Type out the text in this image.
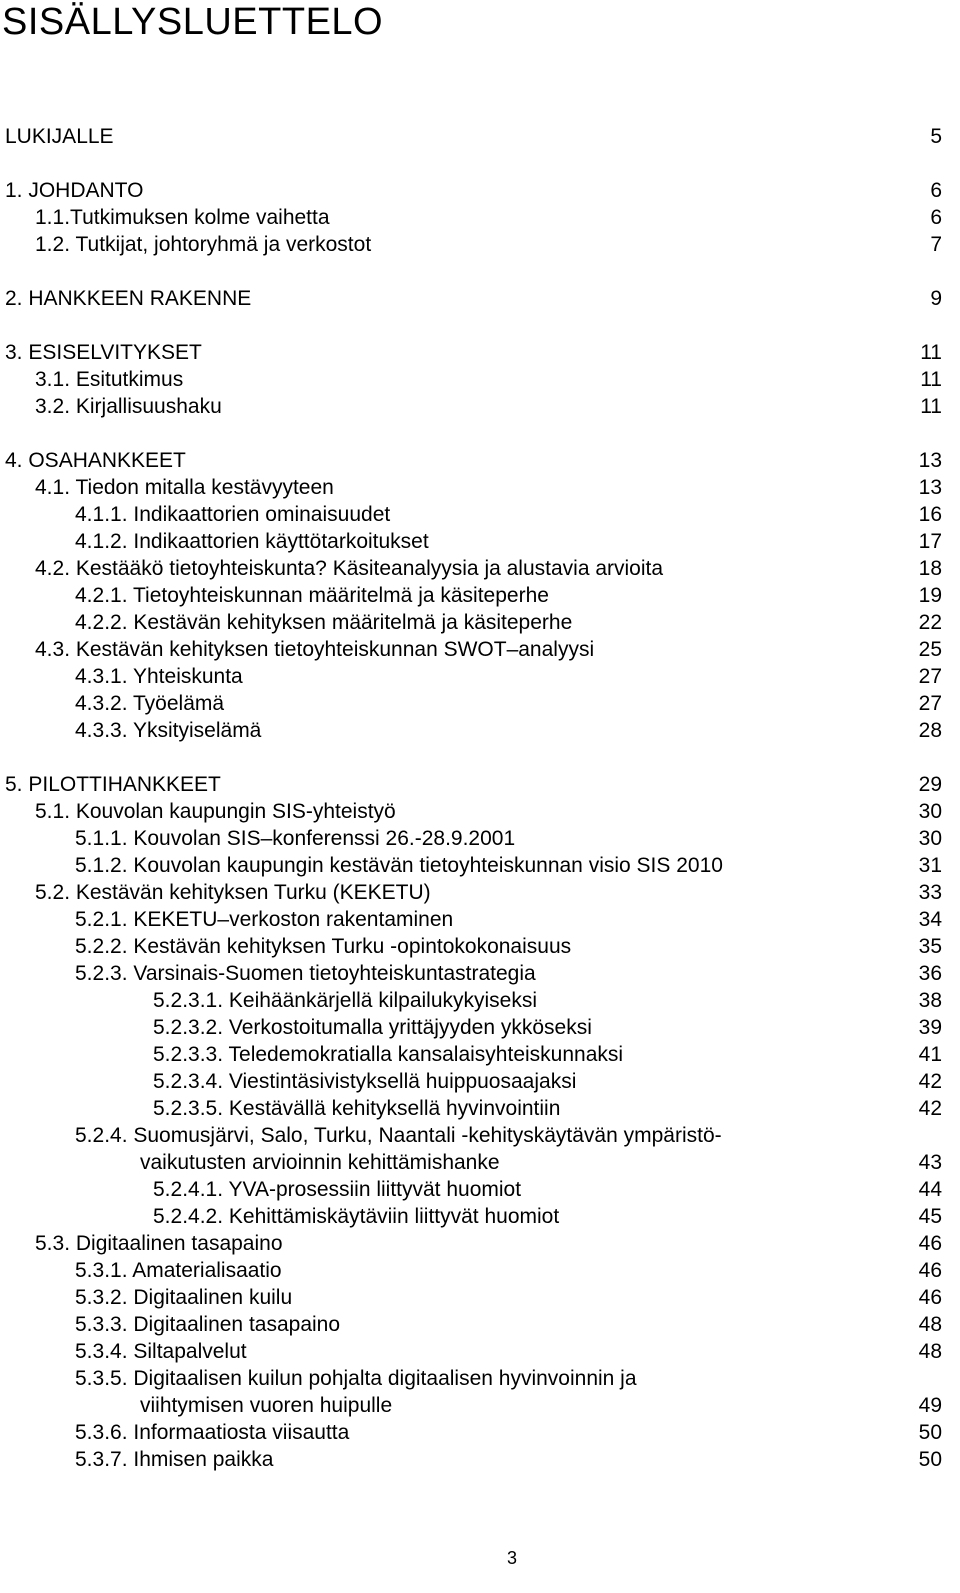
SISÄLLYSLUETTELO
LUKIJALLE	5
1. JOHDANTO	6
1.1.Tutkimuksen kolme vaihetta	6
1.2. Tutkijat, johtoryhmä ja verkostot	7
2. HANKKEEN RAKENNE	9
3. ESISELVITYKSET	11
3.1. Esitutkimus	11
3.2. Kirjallisuushaku	11
4. OSAHANKKEET	13
4.1. Tiedon mitalla kestävyyteen	13
4.1.1. Indikaattorien ominaisuudet	16
4.1.2. Indikaattorien käyttötarkoitukset	17
4.2. Kestääkö tietoyhteiskunta? Käsiteanalyysia ja alustavia arvioita	18
4.2.1. Tietoyhteiskunnan määritelmä ja käsiteperhe	19
4.2.2. Kestävän kehityksen määritelmä ja käsiteperhe	22
4.3. Kestävän kehityksen tietoyhteiskunnan SWOT–analyysi	25
4.3.1. Yhteiskunta	27
4.3.2. Työelämä	27
4.3.3. Yksityiselämä	28
5. PILOTTIHANKKEET	29
5.1. Kouvolan kaupungin SIS-yhteistyö	30
5.1.1. Kouvolan SIS–konferenssi 26.-28.9.2001	30
5.1.2. Kouvolan kaupungin kestävän tietoyhteiskunnan visio SIS 2010	31
5.2. Kestävän kehityksen Turku (KEKETU)	33
5.2.1. KEKETU–verkoston rakentaminen	34
5.2.2. Kestävän kehityksen Turku -opintokokonaisuus	35
5.2.3. Varsinais-Suomen tietoyhteiskuntastrategia	36
5.2.3.1. Keihäänkärjellä kilpailukykyiseksi	38
5.2.3.2. Verkostoitumalla yrittäjyyden ykköseksi	39
5.2.3.3. Teledemokratialla kansalaisyhteiskunnaksi	41
5.2.3.4. Viestintäsivistyksellä huippuosaajaksi	42
5.2.3.5. Kestävällä kehityksellä hyvinvointiin	42
5.2.4. Suomusjärvi, Salo, Turku, Naantali -kehityskäytävän ympäristö-
vaikutusten arvioinnin kehittämishanke	43
5.2.4.1. YVA-prosessiin liittyvät huomiot	44
5.2.4.2. Kehittämiskäytäviin liittyvät huomiot	45
5.3. Digitaalinen tasapaino	46
5.3.1. Amaterialisaatio	46
5.3.2. Digitaalinen kuilu	46
5.3.3. Digitaalinen tasapaino	48
5.3.4. Siltapalvelut	48
5.3.5. Digitaalisen kuilun pohjalta digitaalisen hyvinvoinnin ja
viihtymisen vuoren huipulle	49
5.3.6. Informaatiosta viisautta	50
5.3.7. Ihmisen paikka	50
3
